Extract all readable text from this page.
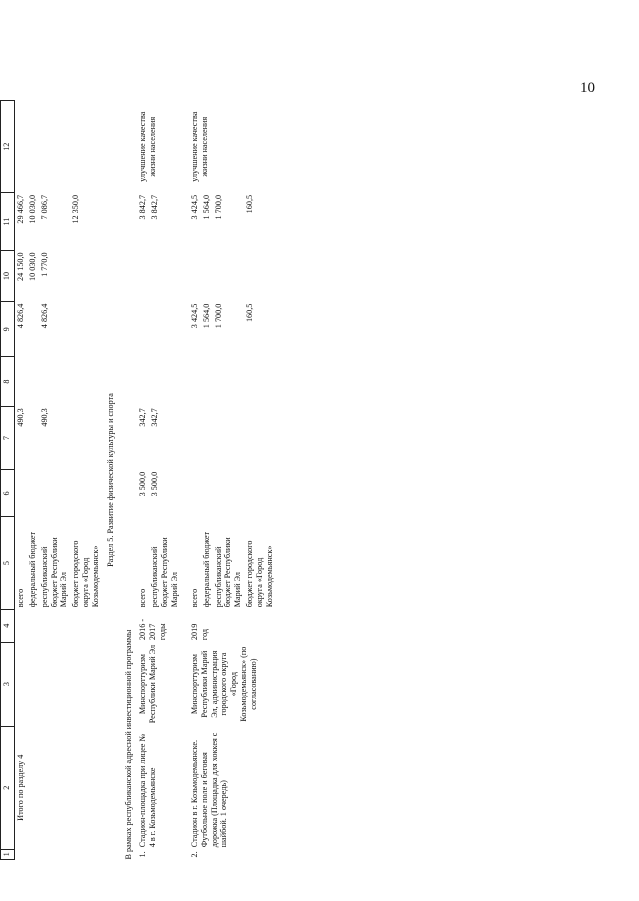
10
1	2	3	4	5	6	7	8	9	10	11	12
	Итого по разделу 4			всего		490,3		4 826,4	24 150,0	29 466,7	
				федеральный бюджет					10 030,0	10 030,0	
				республиканский бюджет Республики Марий Эл		490,3		4 826,4	1 770,0	7 086,7	
				бюджет городского округа «Город Козьмодемьянск»						12 350,0	
Раздел 5. Развитие физической культуры и спорта											
В рамках республиканской адресной инвестиционной программы											
1.	Стадион-площадка при лицее № 4 в г. Козьмодемьянске	Минспорттуризм Республики Марий Эл	2016 - 2017 годы	всего	3 500,0	342,7				3 842,7	улучшение качества жизни населения
				республиканский бюджет Республики Марий Эл	3 500,0	342,7				3 842,7	

2.	Стадион в г. Козьмодемьянске. Футбольное поле и беговая дорожка (Площадка для хоккея с шайбой. 1 очередь)	Минспорттуризм Республики Марий Эл, администрация городского округа «Город Козьмодемьянск» (по согласованию)	2019 год	всего				3 424,5		3 424,5	улучшение качества жизни населения
				федеральный бюджет				1 564,0		1 564,0	
				республиканский бюджет Республики Марий Эл				1 700,0		1 700,0	
				бюджет городского округа «Город Козьмодемьянск»				160,5		160,5	
